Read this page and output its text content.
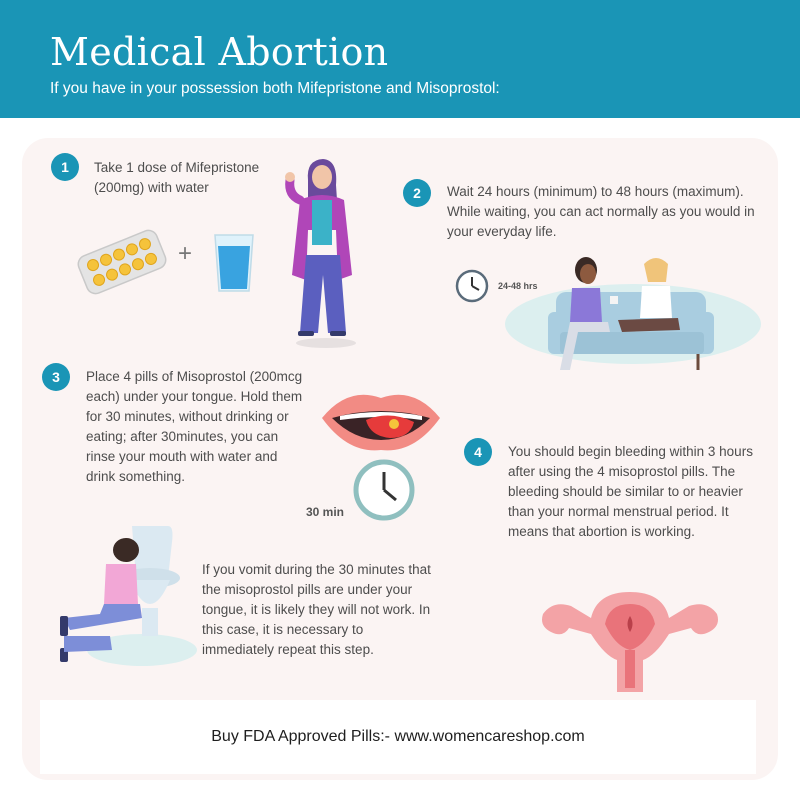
Medical Abortion
If you have in your possession both Mifepristone and Misoprostol:
1	Take 1 dose of Mifepristone (200mg) with water
+
2	Wait 24 hours (minimum) to 48 hours (maximum). While waiting, you can act normally as you would in your everyday life.
24-48 hrs
3	Place 4 pills of Misoprostol (200mcg each) under your tongue. Hold them for 30 minutes, without drinking or eating; after 30minutes, you can rinse your mouth with water and drink something.
30 min
If you vomit during the 30 minutes that the misoprostol pills are under your tongue, it is likely they will not work. In this case, it is necessary to immediately repeat this step.
4	You should begin bleeding within 3 hours after using the 4 misoprostol pills. The bleeding should be similar to or heavier than your normal menstrual period. It means that abortion is working.
Buy FDA Approved Pills:- www.womencareshop.com
